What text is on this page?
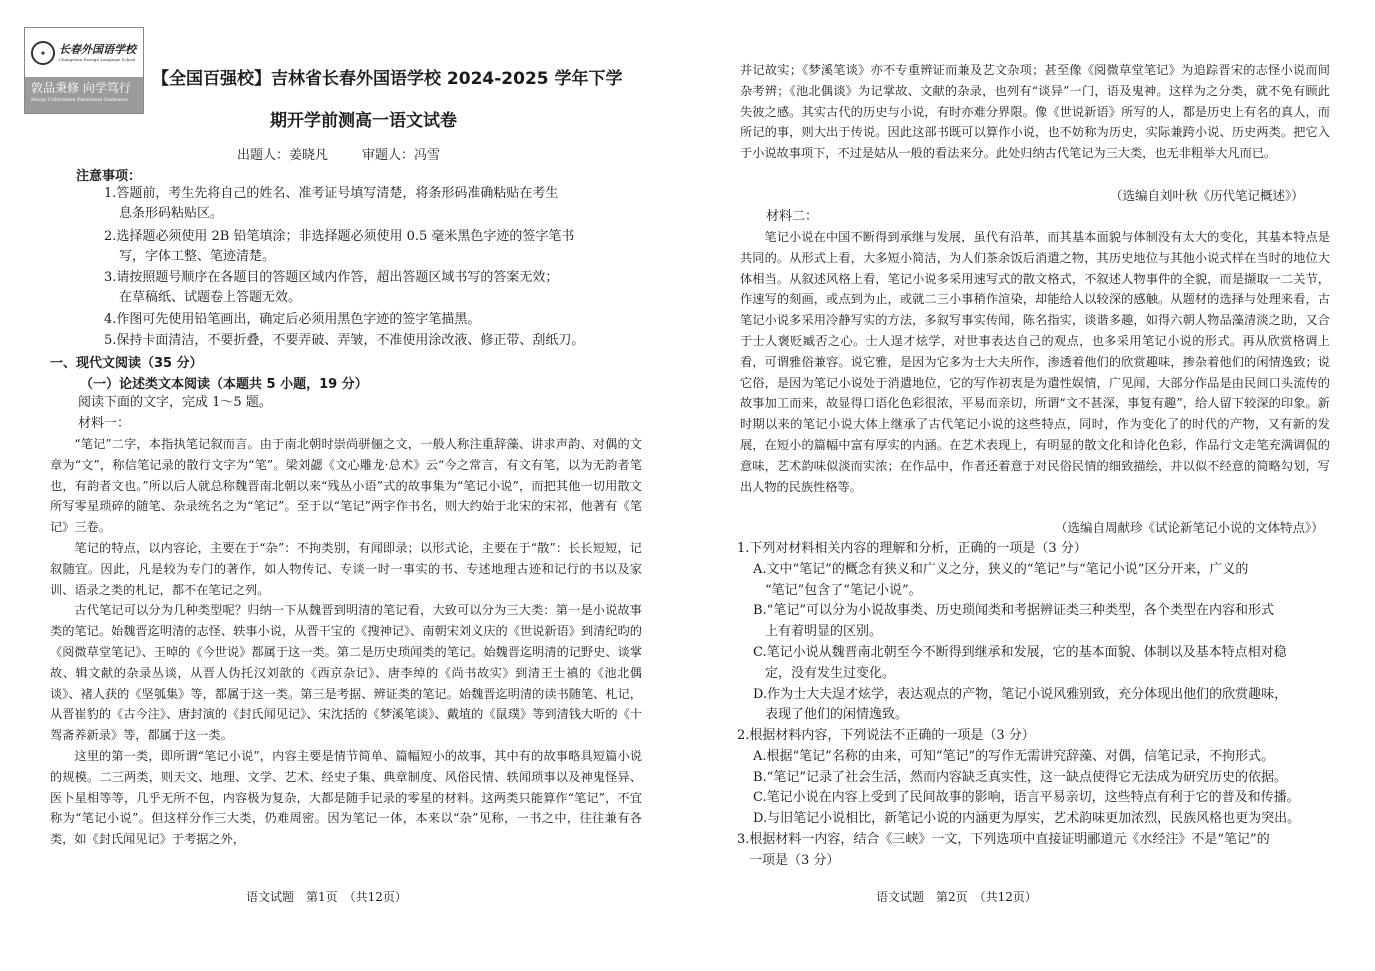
✦	长春外国语学校
Changchun Foreign Language School
敦品秉修 向学笃行
Moral Cultivation Persistent Endeavor
【全国百强校】吉林省长春外国语学校 2024-2025 学年下学
期开学前测高一语文试卷
出题人：姜晓凡	审题人：冯雪
注意事项：
1.答题前，考生先将自己的姓名、准考证号填写清楚，将条形码准确粘贴在考生
息条形码粘贴区。
2.选择题必须使用 2B 铅笔填涂；非选择题必须使用 0.5 毫米黑色字迹的签字笔书
写，字体工整、笔迹清楚。
3.请按照题号顺序在各题目的答题区域内作答，超出答题区域书写的答案无效；
在草稿纸、试题卷上答题无效。
4.作图可先使用铅笔画出，确定后必须用黑色字迹的签字笔描黑。
5.保持卡面清洁，不要折叠，不要弄破、弄皱，不准使用涂改液、修正带、刮纸刀。
一、现代文阅读（35 分）
（一）论述类文本阅读（本题共 5 小题，19 分）
阅读下面的文字，完成 1～5 题。
材料一：

“笔记”二字，本指执笔记叙而言。由于南北朝时崇尚骈俪之文，一般人称注重辞藻、讲求声韵、对偶的文章为“文”，称信笔记录的散行文字为“笔”。梁刘勰《文心雕龙·总术》云“今之常言，有文有笔，以为无韵者笔也，有韵者文也。”所以后人就总称魏晋南北朝以来“残丛小语”式的故事集为“笔记小说”，而把其他一切用散文所写零星琐碎的随笔、杂录统名之为“笔记”。至于以“笔记”两字作书名，则大约始于北宋的宋祁，他著有《笔记》三卷。

笔记的特点，以内容论，主要在于“杂”：不拘类别，有闻即录；以形式论，主要在于“散”：长长短短，记叙随宜。因此，凡是较为专门的著作，如人物传记、专谈一时一事实的书、专述地理古迹和记行的书以及家训、语录之类的札记，都不在笔记之列。

古代笔记可以分为几种类型呢？归纳一下从魏晋到明清的笔记看，大致可以分为三大类：第一是小说故事类的笔记。始魏晋迄明清的志怪、轶事小说，从晋干宝的《搜神记》、南朝宋刘义庆的《世说新语》到清纪昀的《阅微草堂笔记》、王晫的《今世说》都属于这一类。第二是历史琐闻类的笔记。始魏晋迄明清的记野史、谈掌故、辑文献的杂录丛谈，从晋人伪托汉刘歆的《西京杂记》、唐李绰的《尚书故实》到清王士禛的《池北偶谈》、褚人获的《坚瓠集》等，都属于这一类。第三是考据、辨证类的笔记。始魏晋迄明清的读书随笔、札记，从晋崔豹的《古今注》、唐封演的《封氏闻见记》、宋沈括的《梦溪笔谈》、戴埴的《鼠璞》等到清钱大昕的《十驾斋养新录》等，都属于这一类。

这里的第一类，即所谓“笔记小说”，内容主要是情节简单、篇幅短小的故事，其中有的故事略具短篇小说的规模。二三两类，则天文、地理、文学、艺术、经史子集、典章制度、风俗民情、轶闻琐事以及神鬼怪异、医卜星相等等，几乎无所不包，内容极为复杂，大都是随手记录的零星的材料。这两类只能算作“笔记”，不宜称为“笔记小说”。但这样分作三大类，仍难周密。因为笔记一体，本来以“杂”见称，一书之中，往往兼有各类，如《封氏闻见记》于考据之外，

语文试题　第1页　（共12页）

并记故实；《梦溪笔谈》亦不专重辨证而兼及艺文杂项；甚至像《阅微草堂笔记》为追踪晋宋的志怪小说而间杂考辨；《池北偶谈》为记掌故、文献的杂录，也列有“谈异”一门，语及鬼神。这样为之分类，就不免有顾此失彼之感。其实古代的历史与小说，有时亦难分界限。像《世说新语》所写的人，都是历史上有名的真人，而所记的事，则大出于传说。因此这部书既可以算作小说，也不妨称为历史，实际兼跨小说、历史两类。把它入于小说故事项下，不过是姑从一般的看法来分。此处归纳古代笔记为三大类，也无非粗举大凡而已。

（选编自刘叶秋《历代笔记概述》）
材料二：

笔记小说在中国不断得到承继与发展，虽代有沿革，而其基本面貌与体制没有太大的变化，其基本特点是共同的。从形式上看，大多短小简洁，为人们茶余饭后消遣之物，其历史地位与其他小说式样在当时的地位大体相当。从叙述风格上看，笔记小说多采用速写式的散文格式，不叙述人物事件的全貌，而是撷取一二关节，作速写的刻画，或点到为止，或就二三小事稍作渲染，却能给人以较深的感触。从题材的选择与处理来看，古笔记小说多采用冷静写实的方法，多叙写事实传闻，陈名指实，谈谐多趣，如得六朝人物品藻清淡之助，又合于士人褒贬臧否之心。士人逞才炫学，对世事表达自己的观点，也多采用笔记小说的形式。再从欣赏格调上看，可谓雅俗兼容。说它雅，是因为它多为士大夫所作，渗透着他们的欣赏趣味，掺杂着他们的闲情逸致；说它俗，是因为笔记小说处于消遣地位，它的写作初衷是为遣性娱情，广见闻，大部分作品是由民间口头流传的故事加工而来，故显得口语化色彩很浓，平易而亲切，所谓“文不甚深，事复有趣”，给人留下较深的印象。新时期以来的笔记小说大体上继承了古代笔记小说的这些特点，同时，作为变化了的时代的产物，又有新的发展，在短小的篇幅中富有厚实的内涵。在艺术表现上，有明显的散文化和诗化色彩，作品行文走笔充满调侃的意味，艺术韵味似淡而实浓；在作品中，作者还着意于对民俗民情的细致描绘，并以似不经意的简略勾划，写出人物的民族性格等。

（选编自周献珍《试论新笔记小说的文体特点》）
1.下列对材料相关内容的理解和分析，正确的一项是（3 分）
A.文中“笔记”的概念有狭义和广义之分，狭义的“笔记”与“笔记小说”区分开来，广义的
“笔记”包含了“笔记小说”。
B.“笔记”可以分为小说故事类、历史琐闻类和考据辨证类三种类型，各个类型在内容和形式
上有着明显的区别。
C.笔记小说从魏晋南北朝至今不断得到继承和发展，它的基本面貌、体制以及基本特点相对稳
定，没有发生过变化。
D.作为士大夫逞才炫学，表达观点的产物，笔记小说风雅别致，充分体现出他们的欣赏趣味，
表现了他们的闲情逸致。
2.根据材料内容，下列说法不正确的一项是（3 分）
A.根据“笔记”名称的由来，可知“笔记”的写作无需讲究辞藻、对偶，信笔记录，不拘形式。
B.“笔记”记录了社会生活，然而内容缺乏真实性，这一缺点使得它无法成为研究历史的依据。
C.笔记小说在内容上受到了民间故事的影响，语言平易亲切，这些特点有利于它的普及和传播。
D.与旧笔记小说相比，新笔记小说的内涵更为厚实，艺术韵味更加浓烈，民族风格也更为突出。
3.根据材料一内容，结合《三峡》一文，下列选项中直接证明郦道元《水经注》不是“笔记”的
一项是（3 分）
语文试题　第2页　（共12页）
